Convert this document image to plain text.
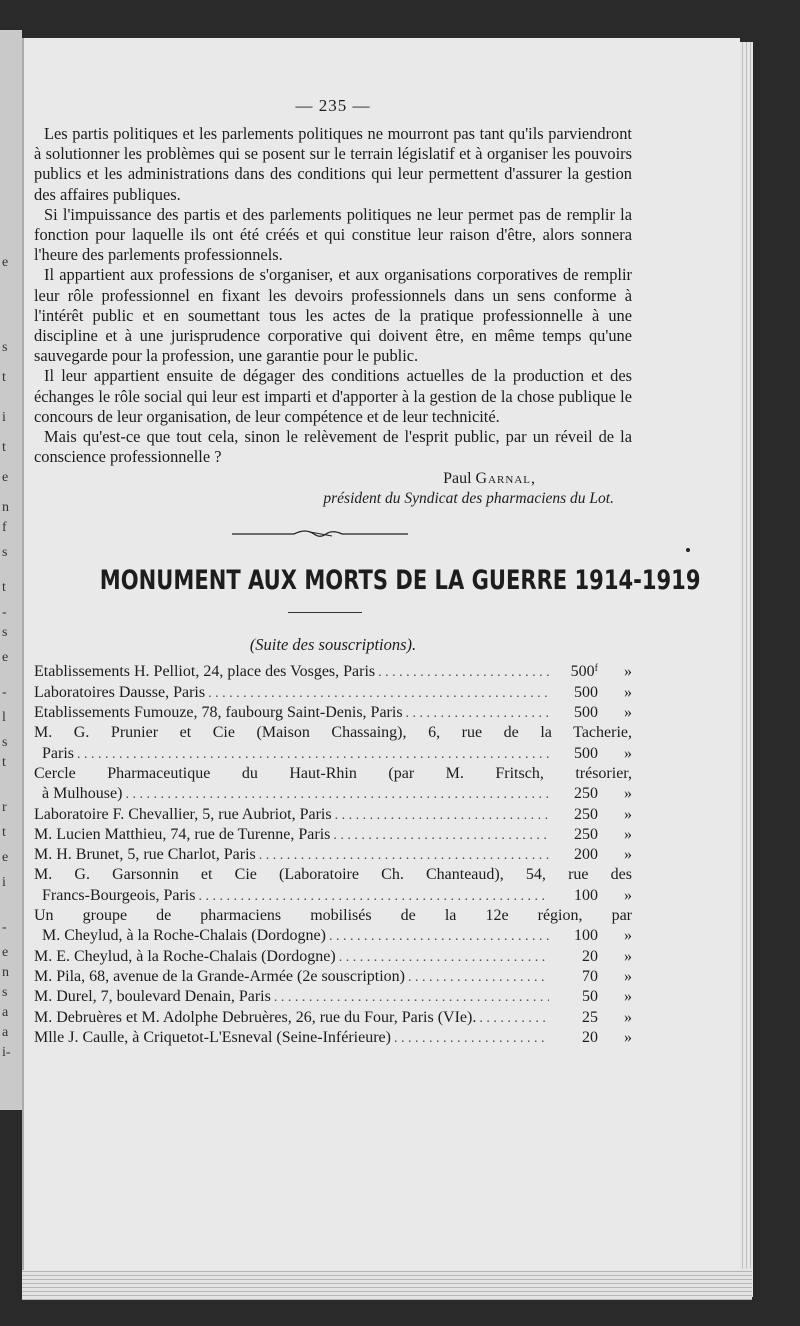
e
s
t
i
t
e
n
f
s
t
-
s
e
-
l
s
t
r
t
e
i
-
e
n
s
a
a
i-
— 235 —

Les partis politiques et les parlements politiques ne mourront pas tant qu'ils parviendront à solutionner les problèmes qui se posent sur le terrain législatif et à organiser les pouvoirs publics et les administrations dans des conditions qui leur permettent d'assurer la gestion des affaires publiques.

Si l'impuissance des partis et des parlements politiques ne leur permet pas de remplir la fonction pour laquelle ils ont été créés et qui constitue leur raison d'être, alors sonnera l'heure des parlements professionnels.

Il appartient aux professions de s'organiser, et aux organisations corporatives de remplir leur rôle professionnel en fixant les devoirs professionnels dans un sens conforme à l'intérêt public et en soumettant tous les actes de la pratique professionnelle à une discipline et à une jurisprudence corporative qui doivent être, en même temps qu'une sauvegarde pour la profession, une garantie pour le public.

Il leur appartient ensuite de dégager des conditions actuelles de la production et des échanges le rôle social qui leur est imparti et d'apporter à la gestion de la chose publique le concours de leur organisation, de leur compétence et de leur technicité.

Mais qu'est-ce que tout cela, sinon le relèvement de l'esprit public, par un réveil de la conscience professionnelle ?

Paul Garnal,
président du Syndicat des pharmaciens du Lot.
MONUMENT AUX MORTS DE LA GUERRE 1914-1919
(Suite des souscriptions).
Etablissements H. Pelliot, 24, place des Vosges, Paris . . .	500$^f$	»
Laboratoires Dausse, Paris . . .	500	»
Etablissements Fumouze, 78, faubourg Saint-Denis, Paris . . .	500	»
M. G. Prunier et Cie (Maison Chassaing), 6, rue de la Tacherie,
Paris . . .	500	»
Cercle Pharmaceutique du Haut-Rhin (par M. Fritsch, trésorier,
à Mulhouse) . . .	250	»
Laboratoire F. Chevallier, 5, rue Aubriot, Paris . . .	250	»
M. Lucien Matthieu, 74, rue de Turenne, Paris . . .	250	»
M. H. Brunet, 5, rue Charlot, Paris . . .	200	»
M. G. Garsonnin et Cie (Laboratoire Ch. Chanteaud), 54, rue des
Francs-Bourgeois, Paris . . .	100	»
Un groupe de pharmaciens mobilisés de la 12e région, par
M. Cheylud, à la Roche-Chalais (Dordogne) . . .	100	»
M. E. Cheylud, à la Roche-Chalais (Dordogne) . . .	20	»
M. Pila, 68, avenue de la Grande-Armée (2e souscription) . . .	70	»
M. Durel, 7, boulevard Denain, Paris . . .	50	»
M. Debruères et M. Adolphe Debruères, 26, rue du Four, Paris (VIe). . . .	25	»
Mlle J. Caulle, à Criquetot-L'Esneval (Seine-Inférieure) . . .	20	»
